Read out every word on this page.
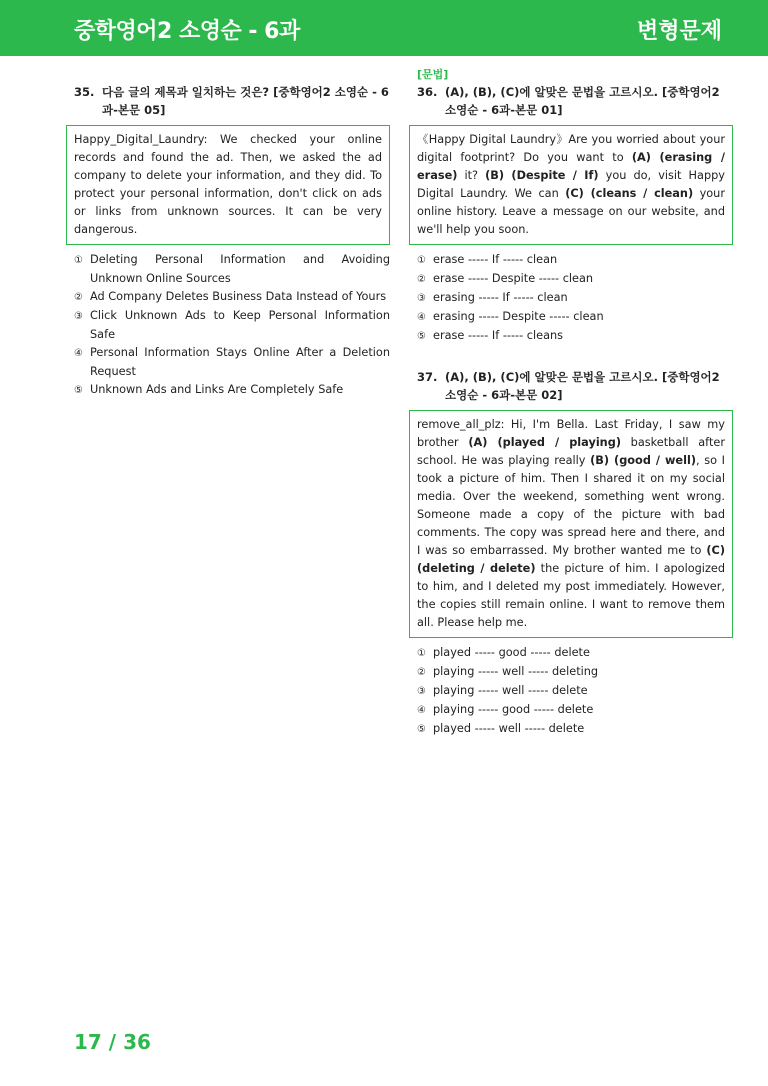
중학영어2 소영순 - 6과	변형문제
35. 다음 글의 제목과 일치하는 것은? [중학영어2 소영순 - 6과-본문 05]
Happy_Digital_Laundry: We checked your online records and found the ad. Then, we asked the ad company to delete your information, and they did. To protect your personal information, don't click on ads or links from unknown sources. It can be very dangerous.
① Deleting Personal Information and Avoiding Unknown Online Sources
② Ad Company Deletes Business Data Instead of Yours
③ Click Unknown Ads to Keep Personal Information Safe
④ Personal Information Stays Online After a Deletion Request
⑤ Unknown Ads and Links Are Completely Safe
[문법]
36. (A), (B), (C)에 알맞은 문법을 고르시오. [중학영어2 소영순 - 6과-본문 01]
《Happy Digital Laundry》Are you worried about your digital footprint? Do you want to (A) (erasing / erase) it? (B) (Despite / If) you do, visit Happy Digital Laundry. We can (C) (cleans / clean) your online history. Leave a message on our website, and we'll help you soon.
① erase ----- If ----- clean
② erase ----- Despite ----- clean
③ erasing ----- If ----- clean
④ erasing ----- Despite ----- clean
⑤ erase ----- If ----- cleans
37. (A), (B), (C)에 알맞은 문법을 고르시오. [중학영어2 소영순 - 6과-본문 02]
remove_all_plz: Hi, I'm Bella. Last Friday, I saw my brother (A) (played / playing) basketball after school. He was playing really (B) (good / well), so I took a picture of him. Then I shared it on my social media. Over the weekend, something went wrong. Someone made a copy of the picture with bad comments. The copy was spread here and there, and I was so embarrassed. My brother wanted me to (C) (deleting / delete) the picture of him. I apologized to him, and I deleted my post immediately. However, the copies still remain online. I want to remove them all. Please help me.
① played ----- good ----- delete
② playing ----- well ----- deleting
③ playing ----- well ----- delete
④ playing ----- good ----- delete
⑤ played ----- well ----- delete
17 / 36
